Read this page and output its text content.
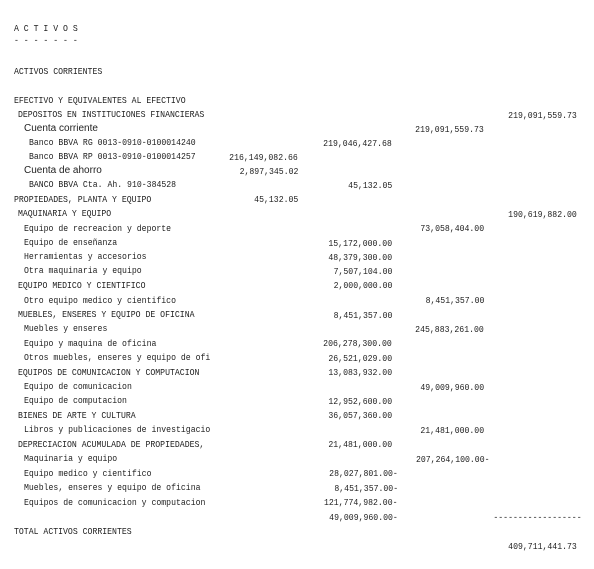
A C T I V O S

- - - - - - -

ACTIVOS CORRIENTES

EFECTIVO Y EQUIVALENTES AL EFECTIVO

219,091,559.73

DEPOSITOS EN INSTITUCIONES FINANCIERAS

219,091,559.73

Cuenta corriente

219,046,427.68

Banco BBVA RG 0013-0910-0100014240

216,149,082.66

Banco BBVA RP 0013-0910-0100014257

2,897,345.02

Cuenta de ahorro

45,132.05

BANCO BBVA Cta. Ah. 910-384528

45,132.05

PROPIEDADES, PLANTA Y EQUIPO

190,619,882.00

MAQUINARIA Y EQUIPO

73,058,404.00

Equipo de recreacion y deporte

15,172,000.00

Equipo de enseñanza

48,379,300.00

Herramientas y accesorios

7,507,104.00

Otra maquinaria y equipo

2,000,000.00

EQUIPO MEDICO Y CIENTIFICO

8,451,357.00

Otro equipo medico y cientifico

8,451,357.00

MUEBLES, ENSERES Y EQUIPO DE OFICINA

245,883,261.00

Muebles y enseres

206,278,300.00

Equipo y maquina de oficina

26,521,029.00

Otros muebles, enseres y equipo de ofi

13,083,932.00

EQUIPOS DE COMUNICACION Y COMPUTACION

49,009,960.00

Equipo de comunicacion

12,952,600.00

Equipo de computacion

36,057,360.00

BIENES DE ARTE Y CULTURA

21,481,000.00

Libros y publicaciones de investigacio

21,481,000.00

DEPRECIACION ACUMULADA DE PROPIEDADES,

207,264,100.00-

Maquinaria y equipo

28,027,801.00-

Equipo medico y cientifico

8,451,357.00-

Muebles, enseres y equipo de oficina

121,774,982.00-

Equipos de comunicacion y computacion

49,009,960.00-

	------------------

TOTAL ACTIVOS CORRIENTES

409,711,441.73
